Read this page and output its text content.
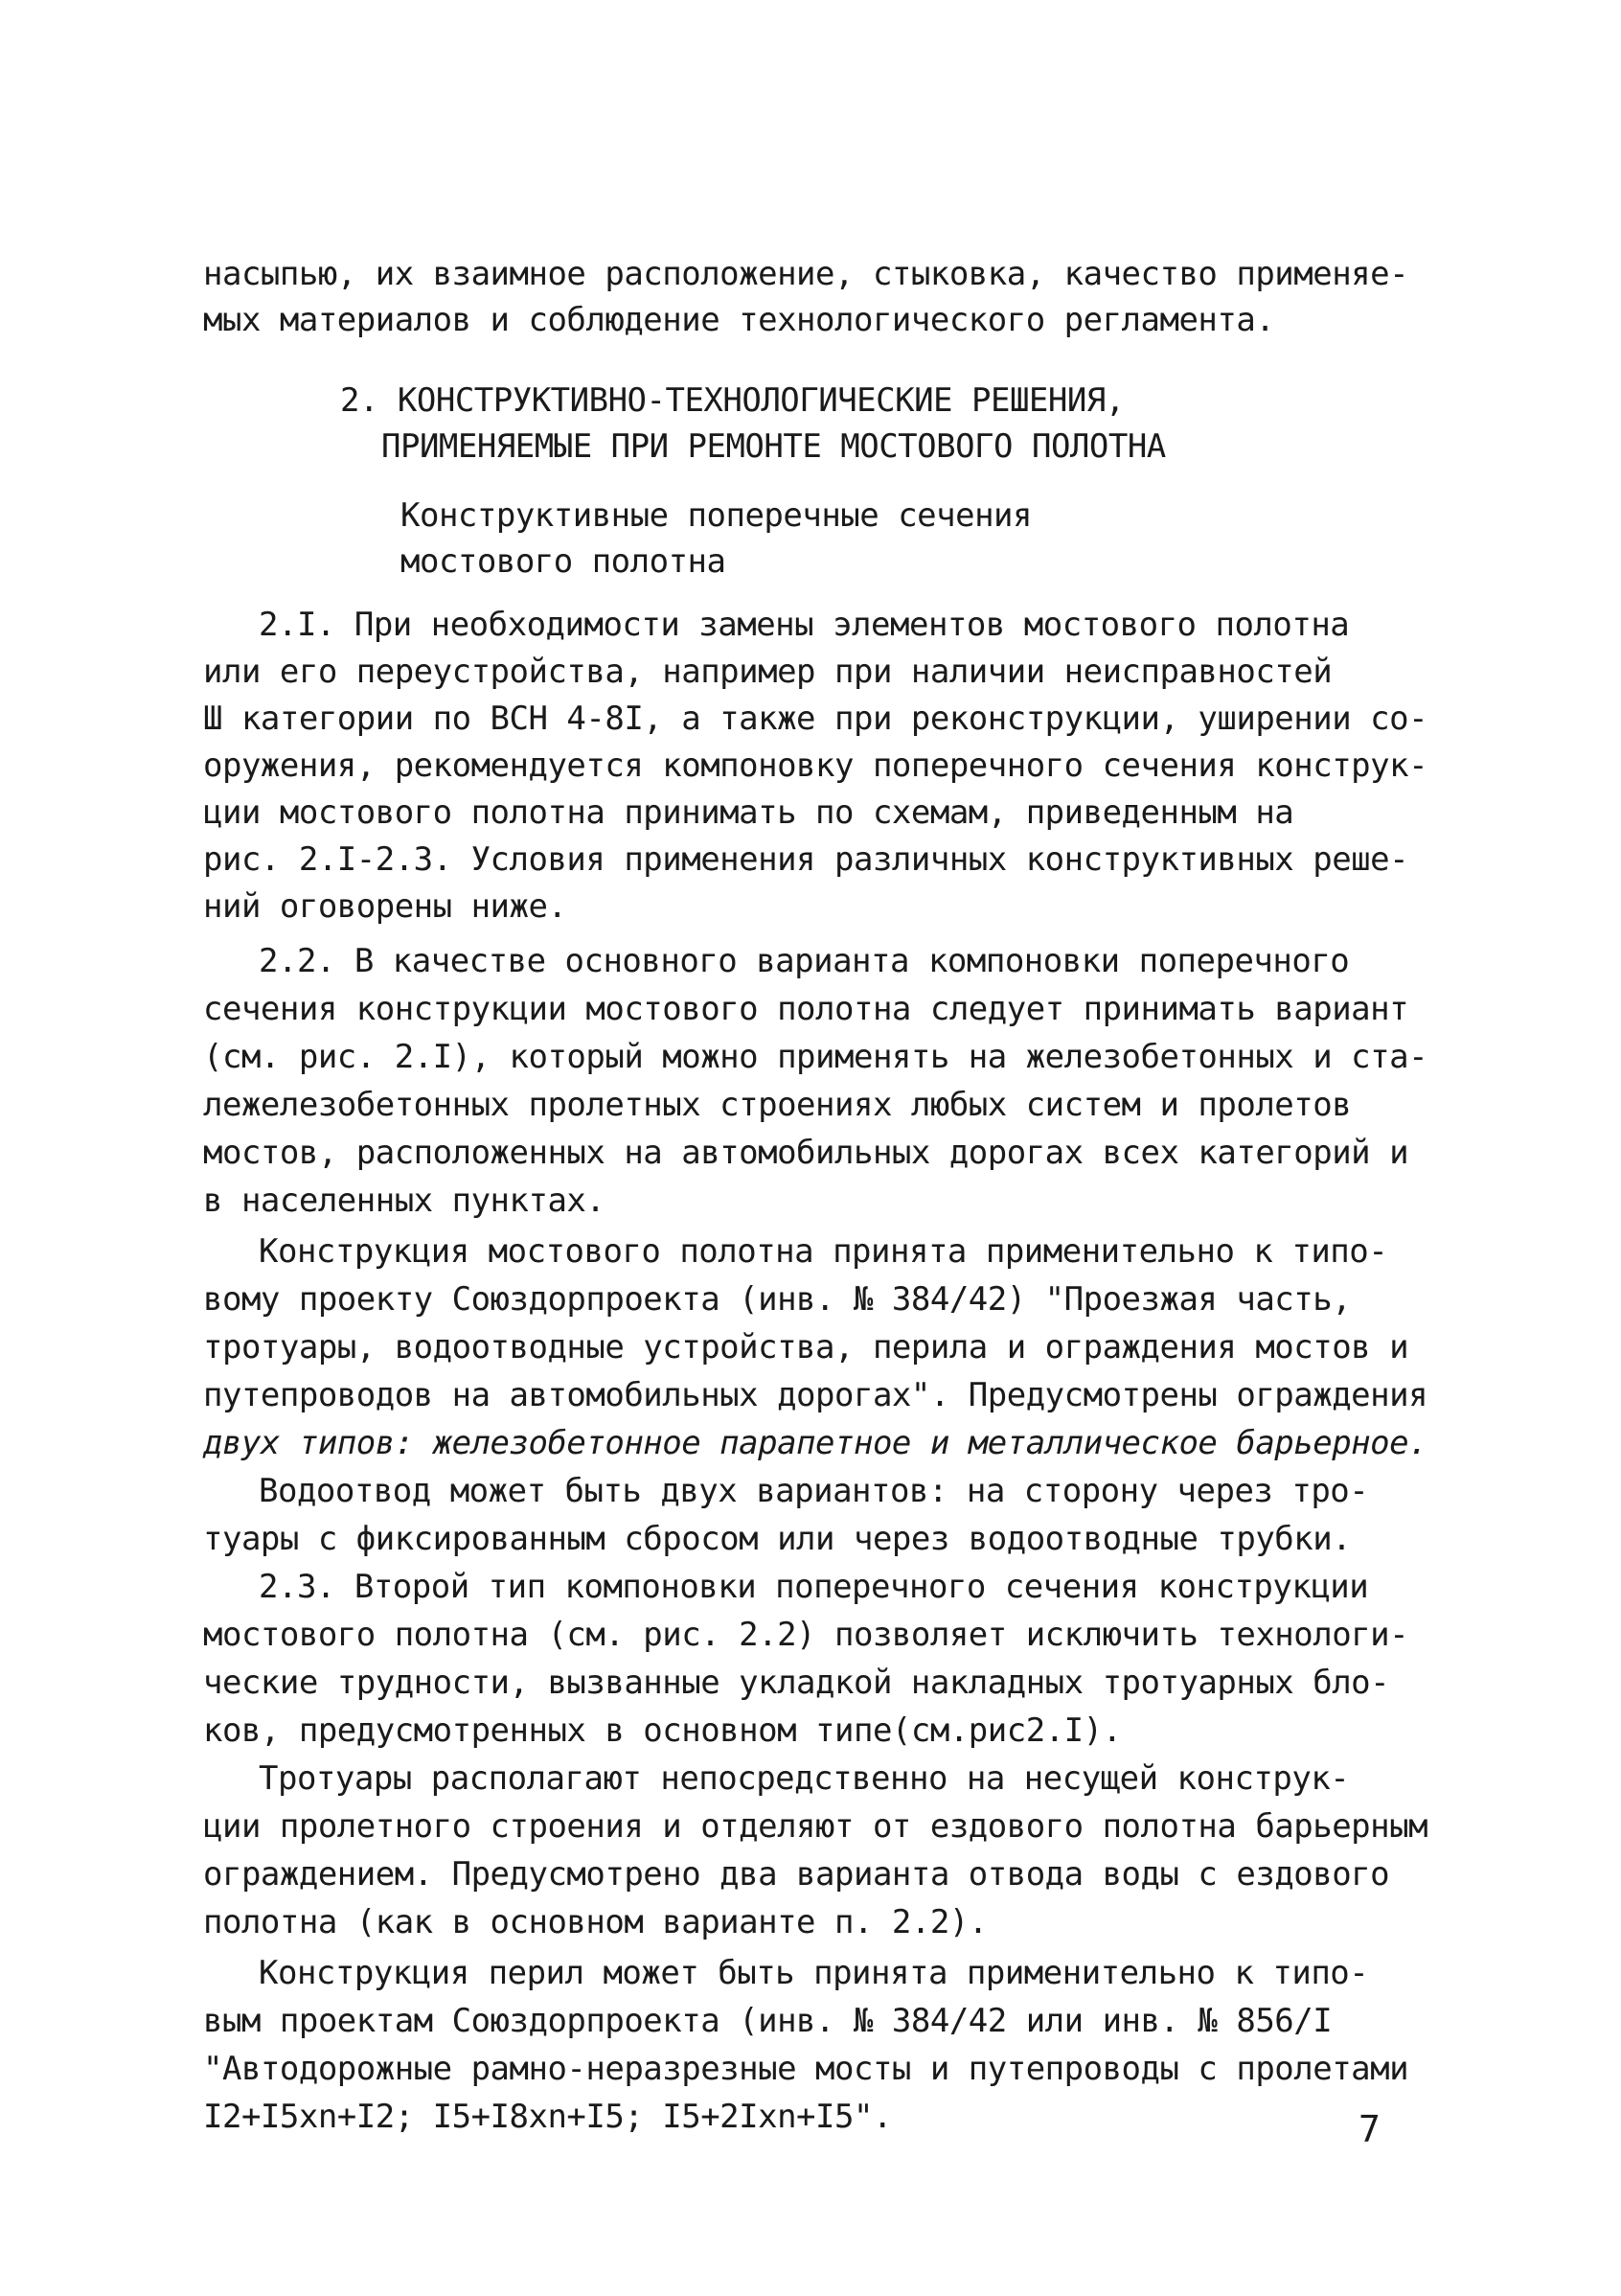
насыпью, их взаимное расположение, стыковка, качество применяе-
мых материалов и соблюдение технологического регламента.
2. КОНСТРУКТИВНО-ТЕХНОЛОГИЧЕСКИЕ РЕШЕНИЯ,
ПРИМЕНЯЕМЫЕ ПРИ РЕМОНТЕ МОСТОВОГО ПОЛОТНА
Конструктивные поперечные сечения
мостового полотна
2.I. При необходимости замены элементов мостового полотна
или его переустройства, например при наличии неисправностей
Ш категории по ВСН 4-8I, а также при реконструкции, уширении со-
оружения, рекомендуется компоновку поперечного сечения конструк-
ции мостового полотна принимать по схемам, приведенным на
рис. 2.I-2.3. Условия применения различных конструктивных реше-
ний оговорены ниже.
2.2. В качестве основного варианта компоновки поперечного
сечения конструкции мостового полотна следует принимать вариант
(см. рис. 2.I), который можно применять на железобетонных и ста-
лежелезобетонных пролетных строениях любых систем и пролетов
мостов, расположенных на автомобильных дорогах всех категорий и
в населенных пунктах.
Конструкция мостового полотна принята применительно к типо-
вому проекту Союздорпроекта (инв. № 384/42) "Проезжая часть,
тротуары, водоотводные устройства, перила и ограждения мостов и
путепроводов на автомобильных дорогах". Предусмотрены ограждения
двух типов: железобетонное парапетное и металлическое барьерное.
Водоотвод может быть двух вариантов: на сторону через тро-
туары с фиксированным сбросом или через водоотводные трубки.
2.3. Второй тип компоновки поперечного сечения конструкции
мостового полотна (см. рис. 2.2) позволяет исключить технологи-
ческие трудности, вызванные укладкой накладных тротуарных бло-
ков, предусмотренных в основном типе(см.рис2.I).
Тротуары располагают непосредственно на несущей конструк-
ции пролетного строения и отделяют от ездового полотна барьерным
ограждением. Предусмотрено два варианта отвода воды с ездового
полотна (как в основном варианте п. 2.2).
Конструкция перил может быть принята применительно к типо-
вым проектам Союздорпроекта (инв. № 384/42 или инв. № 856/I
"Автодорожные рамно-неразрезные мосты и путепроводы с пролетами
I2+I5xn+I2; I5+I8xn+I5; I5+2Ixn+I5".	7
